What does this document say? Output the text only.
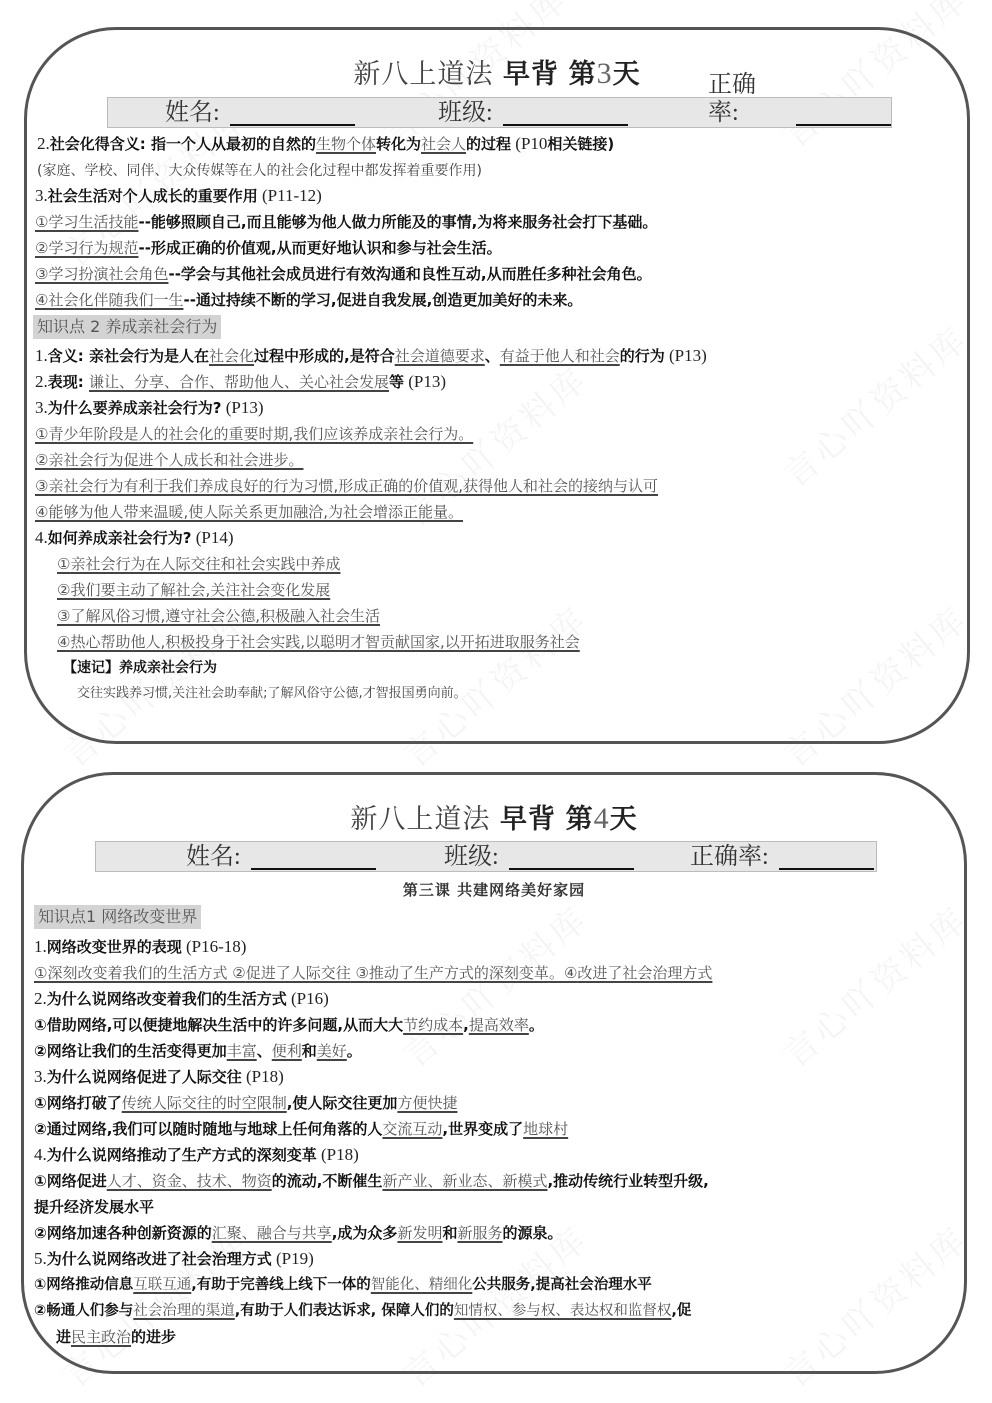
新八上道法 早背 第3天
姓名:	班级:
正确率:
2.社会化得含义: 指一个人从最初的自然的生物个体转化为社会人的过程 (P10相关链接)
(家庭、学校、同伴、大众传媒等在人的社会化过程中都发挥着重要作用)
3.社会生活对个人成长的重要作用 (P11-12)
①学习生活技能--能够照顾自己,而且能够为他人做力所能及的事情,为将来服务社会打下基础。
②学习行为规范--形成正确的价值观,从而更好地认识和参与社会生活。
③学习扮演社会角色--学会与其他社会成员进行有效沟通和良性互动,从而胜任多种社会角色。
④社会化伴随我们一生--通过持续不断的学习,促进自我发展,创造更加美好的未来。
知识点 2 养成亲社会行为
1.含义: 亲社会行为是人在社会化过程中形成的,是符合社会道德要求、有益于他人和社会的行为 (P13)
2.表现: 谦让、分享、合作、帮助他人、关心社会发展等 (P13)
3.为什么要养成亲社会行为? (P13)
①青少年阶段是人的社会化的重要时期,我们应该养成亲社会行为。
②亲社会行为促进个人成长和社会进步。
③亲社会行为有利于我们养成良好的行为习惯,形成正确的价值观,获得他人和社会的接纳与认可
④能够为他人带来温暖,使人际关系更加融洽,为社会增添正能量。
4.如何养成亲社会行为? (P14)
①亲社会行为在人际交往和社会实践中养成
②我们要主动了解社会,关注社会变化发展
③了解风俗习惯,遵守社会公德,积极融入社会生活
④热心帮助他人,积极投身于社会实践,以聪明才智贡献国家,以开拓进取服务社会
【速记】养成亲社会行为
交往实践养习惯,关注社会助奉献;了解风俗守公德,才智报国勇向前。
新八上道法 早背 第4天
姓名:	班级:	正确率:
第三课 共建网络美好家园
知识点1 网络改变世界
1.网络改变世界的表现 (P16-18)
①深刻改变着我们的生活方式 ②促进了人际交往 ③推动了生产方式的深刻变革。④改进了社会治理方式
2.为什么说网络改变着我们的生活方式 (P16)
①借助网络,可以便捷地解决生活中的许多问题,从而大大节约成本,提高效率。
②网络让我们的生活变得更加丰富、便利和美好。
3.为什么说网络促进了人际交往 (P18)
①网络打破了传统人际交往的时空限制,使人际交往更加方便快捷
②通过网络,我们可以随时随地与地球上任何角落的人交流互动,世界变成了地球村
4.为什么说网络推动了生产方式的深刻变革 (P18)
①网络促进人才、资金、技术、物资的流动,不断催生新产业、新业态、新模式,推动传统行业转型升级,
提升经济发展水平
②网络加速各种创新资源的汇聚、融合与共享,成为众多新发明和新服务的源泉。
5.为什么说网络改进了社会治理方式 (P19)
①网络推动信息互联互通,有助于完善线上线下一体的智能化、精细化公共服务,提高社会治理水平
②畅通人们参与社会治理的渠道,有助于人们表达诉求, 保障人们的知情权、参与权、表达权和监督权,促
进民主政治的进步
